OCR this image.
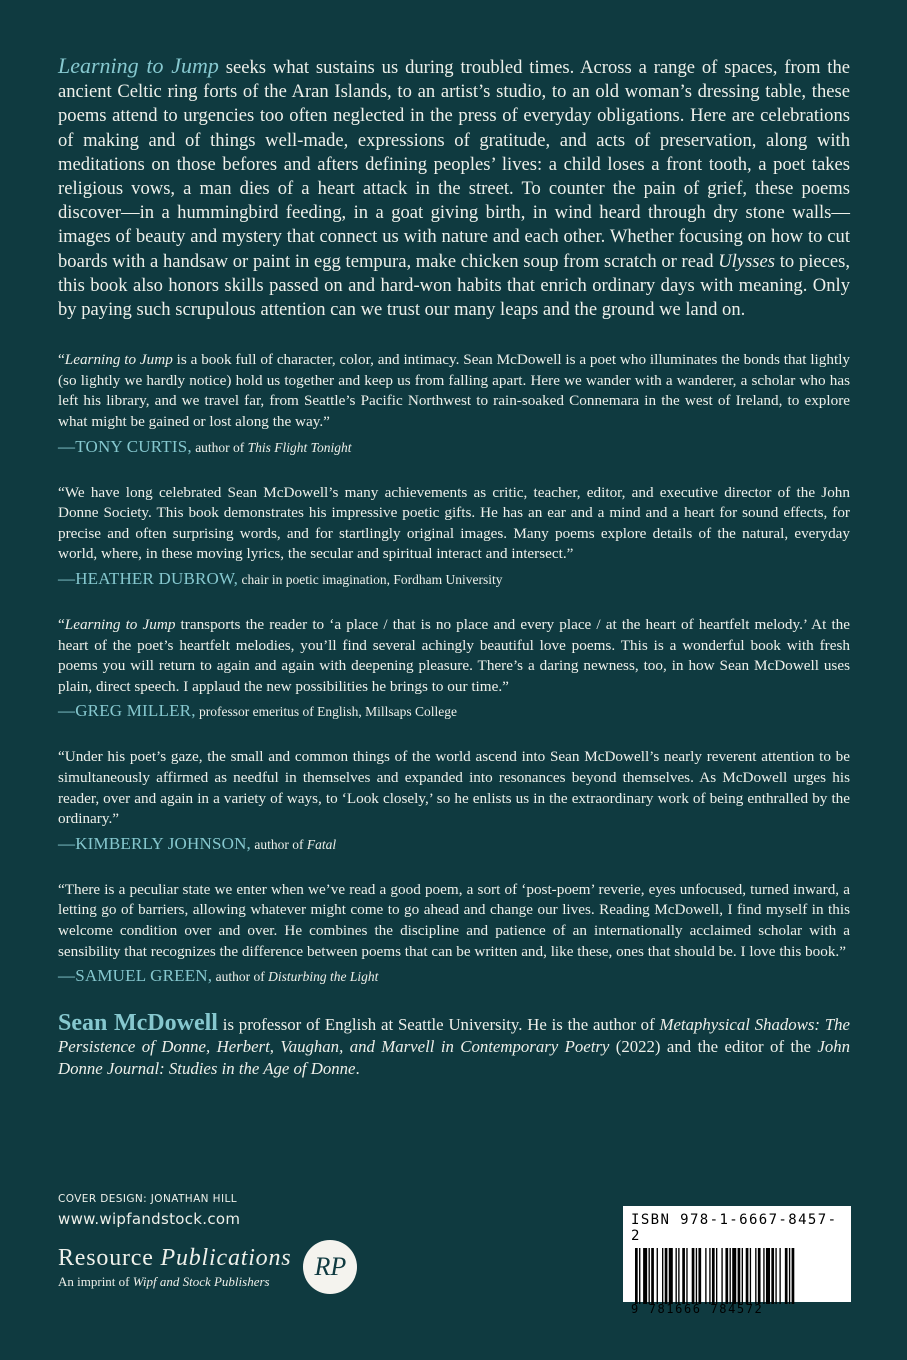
Learning to Jump seeks what sustains us during troubled times. Across a range of spaces, from the ancient Celtic ring forts of the Aran Islands, to an artist’s studio, to an old woman’s dressing table, these poems attend to urgencies too often neglected in the press of everyday obligations. Here are celebrations of making and of things well-made, expressions of gratitude, and acts of preservation, along with meditations on those befores and afters defining peoples’ lives: a child loses a front tooth, a poet takes religious vows, a man dies of a heart attack in the street. To counter the pain of grief, these poems discover—in a hummingbird feeding, in a goat giving birth, in wind heard through dry stone walls—images of beauty and mystery that connect us with nature and each other. Whether focusing on how to cut boards with a handsaw or paint in egg tempura, make chicken soup from scratch or read Ulysses to pieces, this book also honors skills passed on and hard-won habits that enrich ordinary days with meaning. Only by paying such scrupulous attention can we trust our many leaps and the ground we land on.

“Learning to Jump is a book full of character, color, and intimacy. Sean McDowell is a poet who illuminates the bonds that lightly (so lightly we hardly notice) hold us together and keep us from falling apart. Here we wander with a wanderer, a scholar who has left his library, and we travel far, from Seattle’s Pacific Northwest to rain-soaked Connemara in the west of Ireland, to explore what might be gained or lost along the way.”

—TONY CURTIS, author of This Flight Tonight

“We have long celebrated Sean McDowell’s many achievements as critic, teacher, editor, and executive director of the John Donne Society. This book demonstrates his impressive poetic gifts. He has an ear and a mind and a heart for sound effects, for precise and often surprising words, and for startlingly original images. Many poems explore details of the natural, everyday world, where, in these moving lyrics, the secular and spiritual interact and intersect.”

—HEATHER DUBROW, chair in poetic imagination, Fordham University

“Learning to Jump transports the reader to ‘a place / that is no place and every place / at the heart of heartfelt melody.’ At the heart of the poet’s heartfelt melodies, you’ll find several achingly beautiful love poems. This is a wonderful book with fresh poems you will return to again and again with deepening pleasure. There’s a daring newness, too, in how Sean McDowell uses plain, direct speech. I applaud the new possibilities he brings to our time.”

—GREG MILLER, professor emeritus of English, Millsaps College

“Under his poet’s gaze, the small and common things of the world ascend into Sean McDowell’s nearly reverent attention to be simultaneously affirmed as needful in themselves and expanded into resonances beyond themselves. As McDowell urges his reader, over and again in a variety of ways, to ‘Look closely,’ so he enlists us in the extraordinary work of being enthralled by the ordinary.”

—KIMBERLY JOHNSON, author of Fatal

“There is a peculiar state we enter when we’ve read a good poem, a sort of ‘post-poem’ reverie, eyes unfocused, turned inward, a letting go of barriers, allowing whatever might come to go ahead and change our lives. Reading McDowell, I find myself in this welcome condition over and over. He combines the discipline and patience of an internationally acclaimed scholar with a sensibility that recognizes the difference between poems that can be written and, like these, ones that should be. I love this book.”

—SAMUEL GREEN, author of Disturbing the Light

Sean McDowell is professor of English at Seattle University. He is the author of Metaphysical Shadows: The Persistence of Donne, Herbert, Vaughan, and Marvell in Contemporary Poetry (2022) and the editor of the John Donne Journal: Studies in the Age of Donne.

COVER DESIGN: JONATHAN HILL
www.wipfandstock.com
Resource Publications
An imprint of Wipf and Stock Publishers	RP
ISBN 978-1-6667-8457-2
9 781666 784572
